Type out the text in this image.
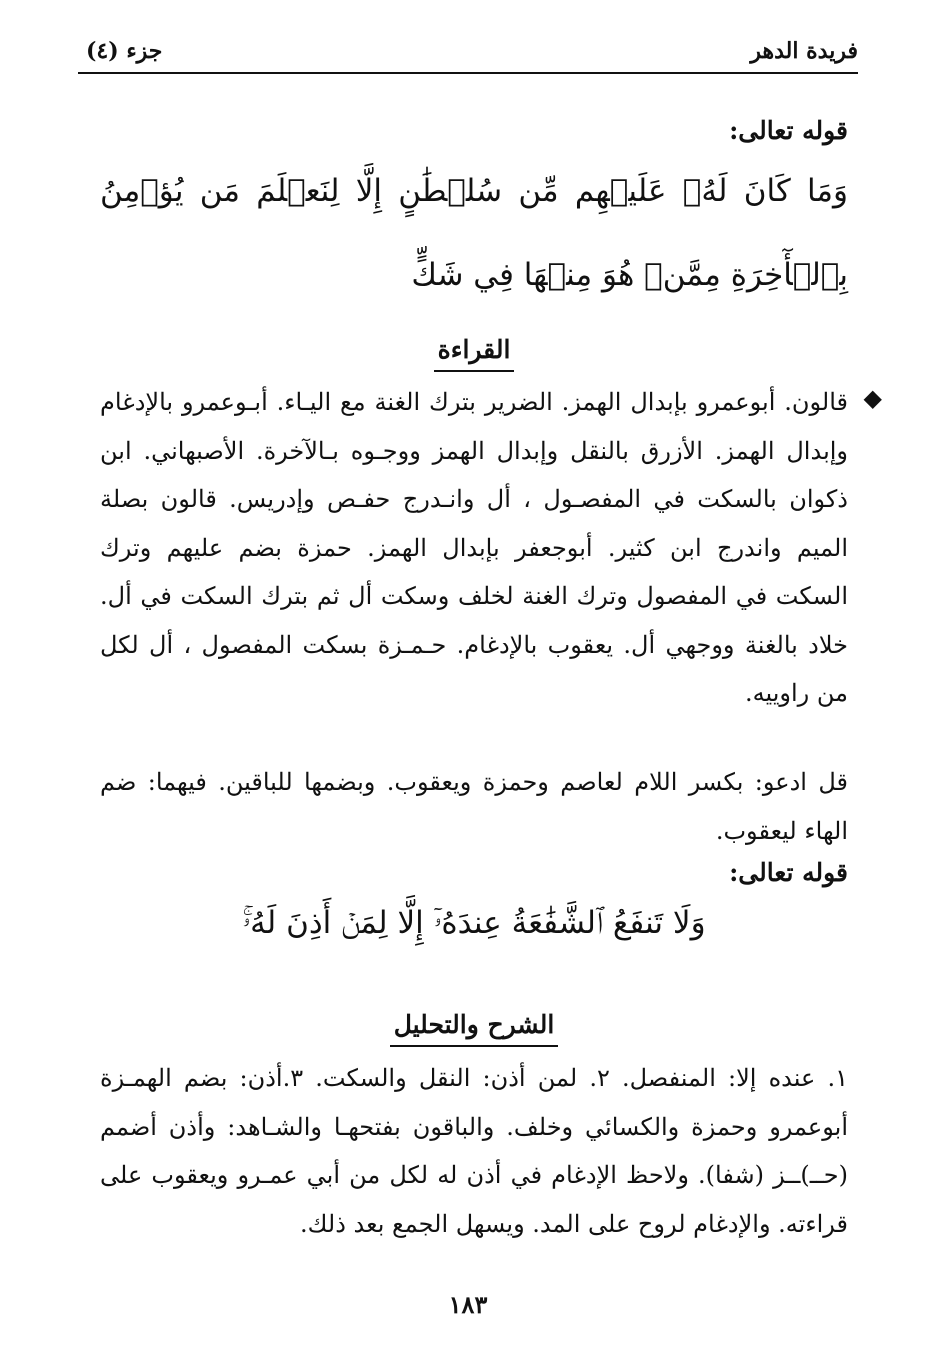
فريدة الدهر
جزء (٤)
قوله تعالى:
وَمَا كَانَ لَهُۥ عَلَيۡهِم مِّن سُلۡطَٰنٍ إِلَّا لِنَعۡلَمَ مَن يُؤۡمِنُ بِٱلۡأٓخِرَةِ مِمَّنۡ هُوَ مِنۡهَا فِي شَكٍّ
القراءة
◆
قالون. أبوعمرو بإبدال الهمز. الضرير بترك الغنة مع اليـاء. أبـوعمرو بالإدغام وإبدال الهمز. الأزرق بالنقل وإبدال الهمز ووجـوه بـالآخرة. الأصبهاني. ابن ذكوان بالسكت في المفصـول ، أل وانـدرج حفـص وإدريس. قالون بصلة الميم واندرج ابن كثير. أبوجعفر بإبدال الهمز. حمزة بضم عليهم وترك السكت في المفصول وترك الغنة لخلف وسكت أل ثم بترك السكت في أل. خلاد بالغنة ووجهي أل. يعقوب بالإدغام. حـمـزة بسكت المفصول ، أل لكل من راوييه.
قل ادعو: بكسر اللام لعاصم وحمزة ويعقوب. وبضمها للباقين. فيهما: ضم الهاء ليعقوب.
قوله تعالى:
وَلَا تَنفَعُ ٱلشَّفَٰعَةُ عِندَهُۥٓ إِلَّا لِمَنۡ أَذِنَ لَهُۥۚ
الشرح والتحليل
١. عنده إلا: المنفصل. ٢. لمن أذن: النقل والسكت. ٣.أذن: بضم الهمـزة أبوعمرو وحمزة والكسائي وخلف. والباقون بفتحهـا والشـاهد: وأذن أضمم (حــ)ــز (شفا). ولاحظ الإدغام في أذن له لكل من أبي عمـرو ويعقوب على قراءته. والإدغام لروح على المد. ويسهل الجمع بعد ذلك.
١٨٣
